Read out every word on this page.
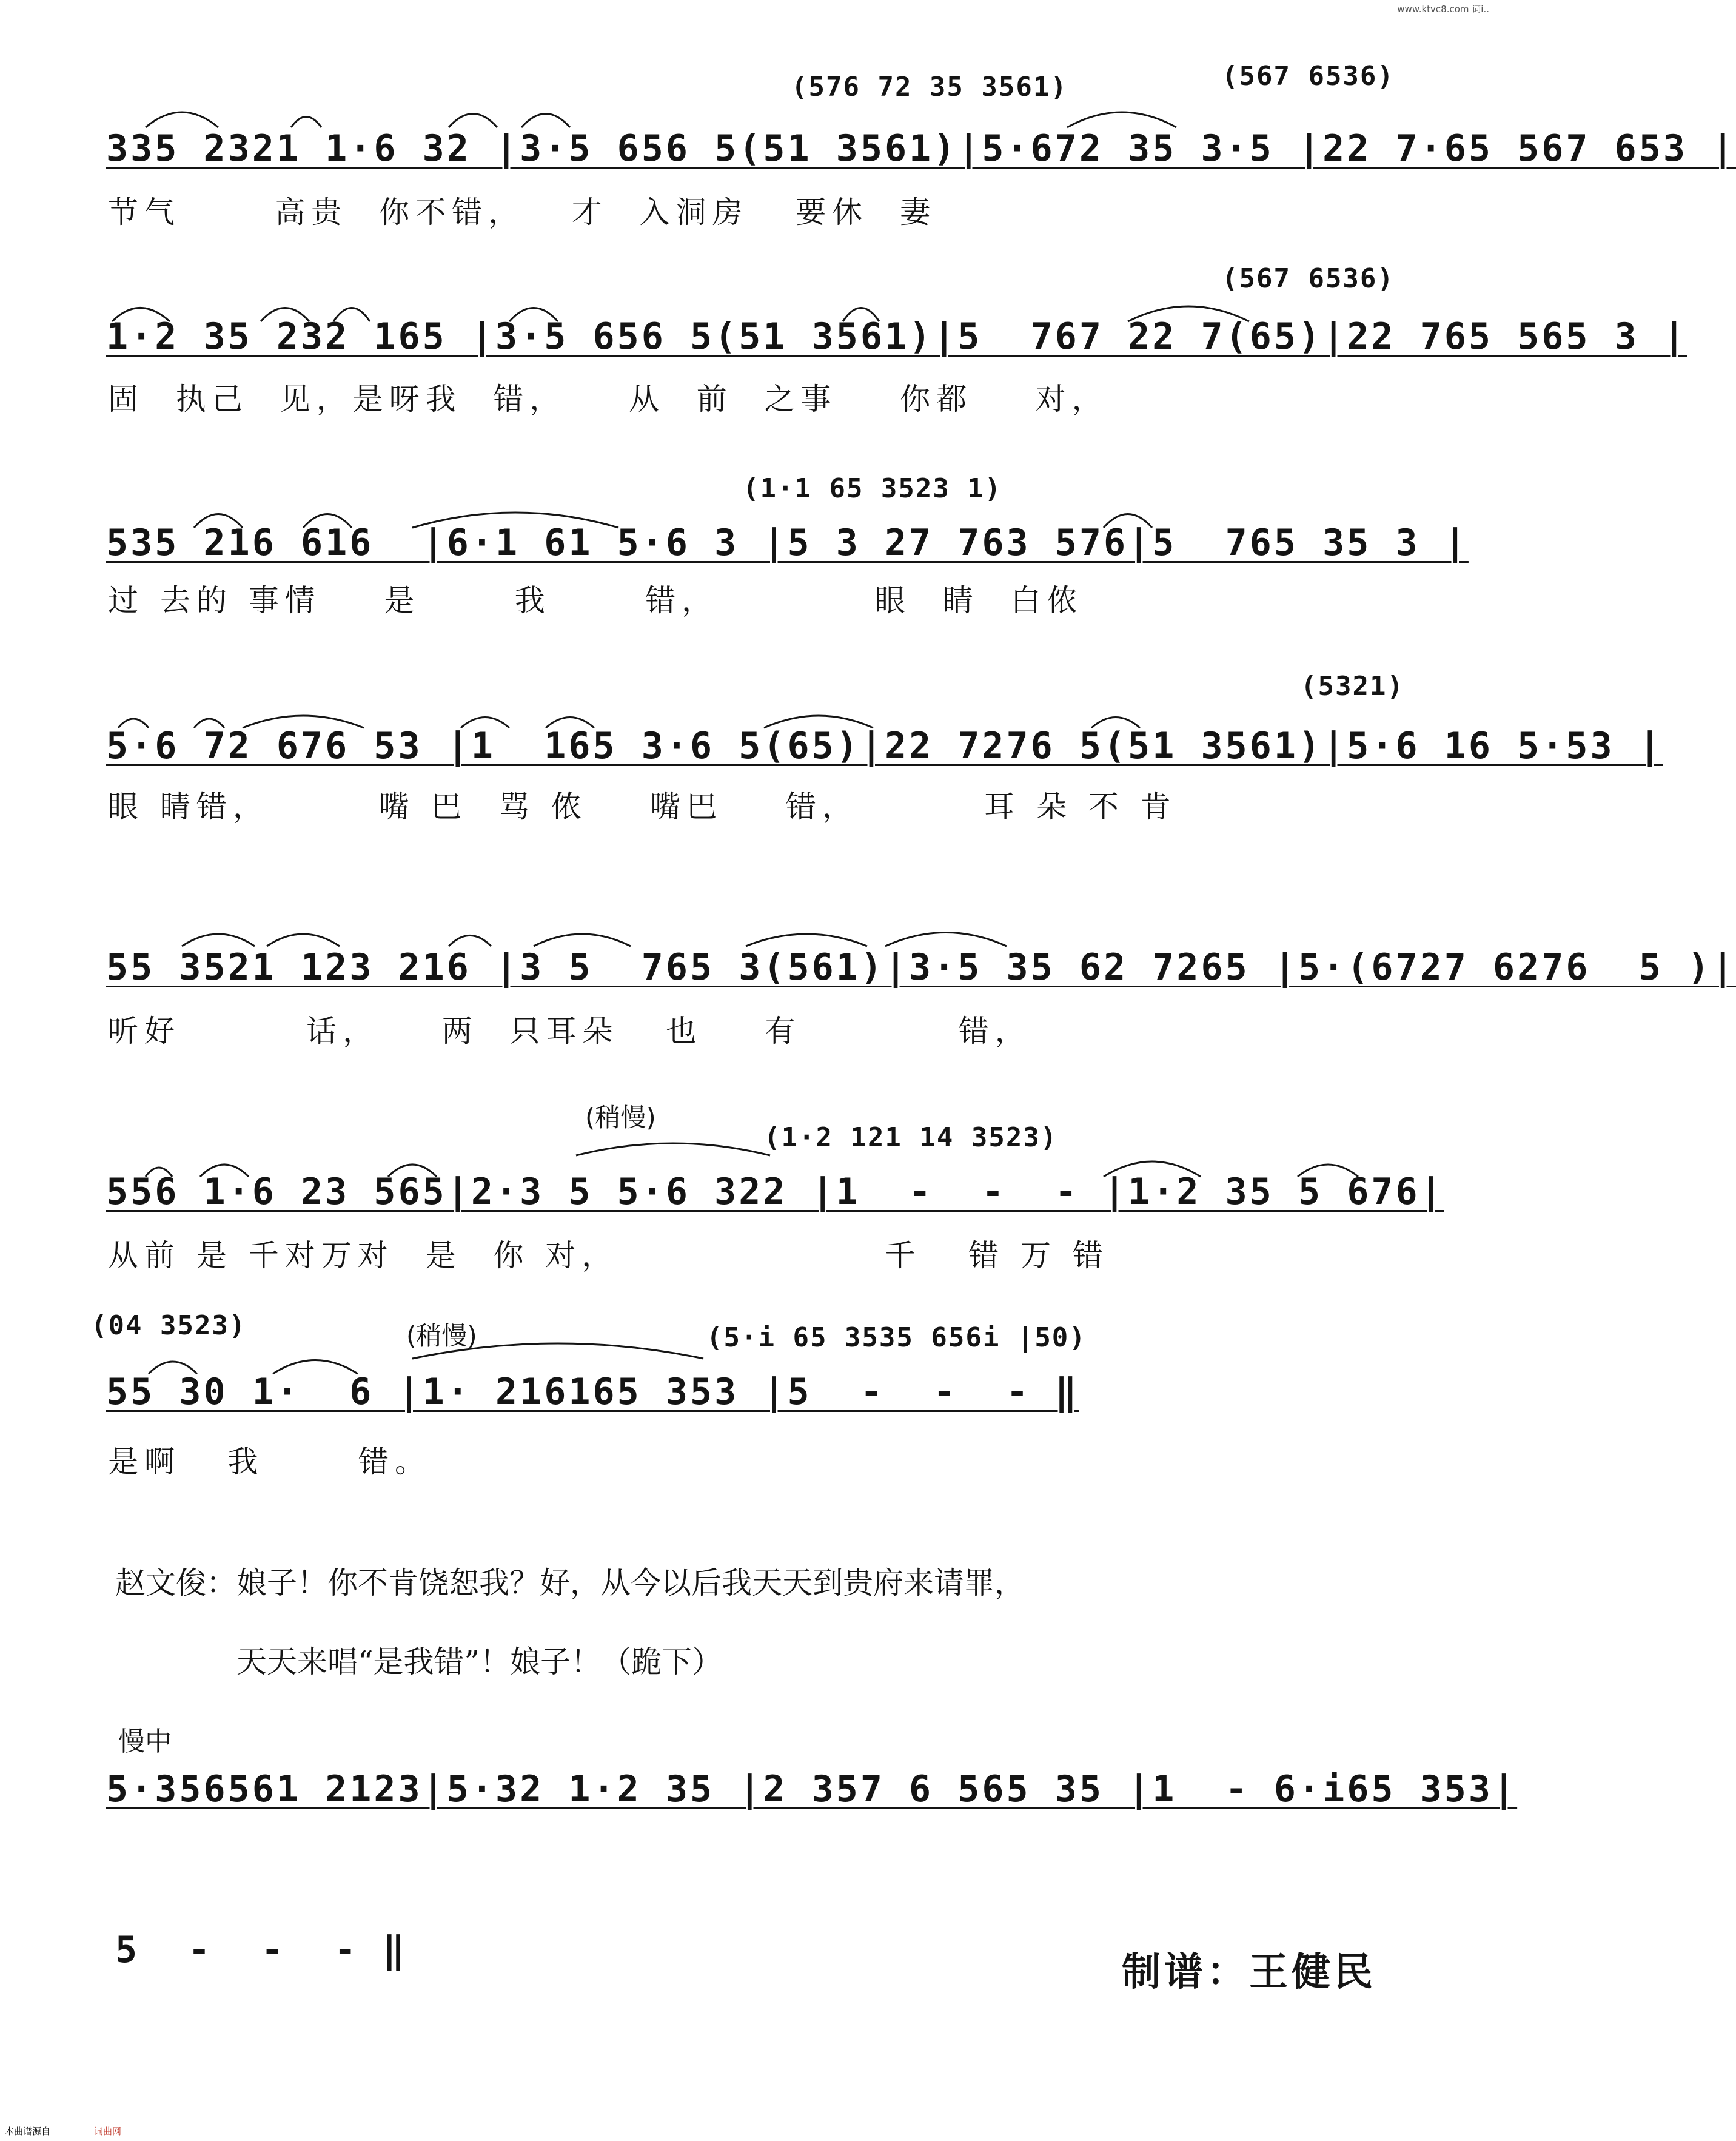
www.ktvc8.com 词i..
(576 72 35 3561)	(567 6536)
335 2321 1·6 32 |3·5 656 5(51 3561)|5·672 35 3·5 |22 7·65 567 653 |
节气      高贵  你不错，   才  入洞房   要休  妻
(567 6536)
1·2 35 232 165 |3·5 656 5(51 3561)|5  767 22 7(65)|22 765 565 3 |
固  执己  见，是呀我  错，    从  前  之事    你都    对，
(1·1 65 3523 1)
535 216 616  |6·1 61 5·6 3 |5 3 27 763 576|5  765 35 3 |
过 去的 事情    是      我      错，          眼  睛  白侬
(5321)
5·6 72 676 53 |1  165 3·6 5(65)|22 7276 5(51 3561)|5·6 16 5·53 |
眼 睛错，       嘴 巴  骂 侬    嘴巴    错，        耳 朵 不 肯
55 3521 123 216 |3 5  765 3(561)|3·5 35 62 7265 |5·(6727 6276  5 )|
听好        话，    两  只耳朵   也    有          错，
(稍慢)
(1·2 121 14 3523)
556 1·6 23 565|2·3 5 5·6 322 |1  -  -  - |1·2 35 5 676|
从前 是 千对万对  是  你 对，                 千   错 万 错
(04 3523)	(稍慢)	(5·i 65 3535 656i |50)
55 30 1·  6 |1· 216165 353 |5  -  -  - ‖
是啊   我      错。
赵文俊：娘子！你不肯饶恕我？好，从今以后我天天到贵府来请罪，
天天来唱“是我错”！娘子！（跪下）
慢中
5·356561 2123|5·32 1·2 35 |2 357 6 565 35 |1  - 6·i65 353|
5  -  -  - ‖	制谱：王健民
本曲谱源自	词曲网
